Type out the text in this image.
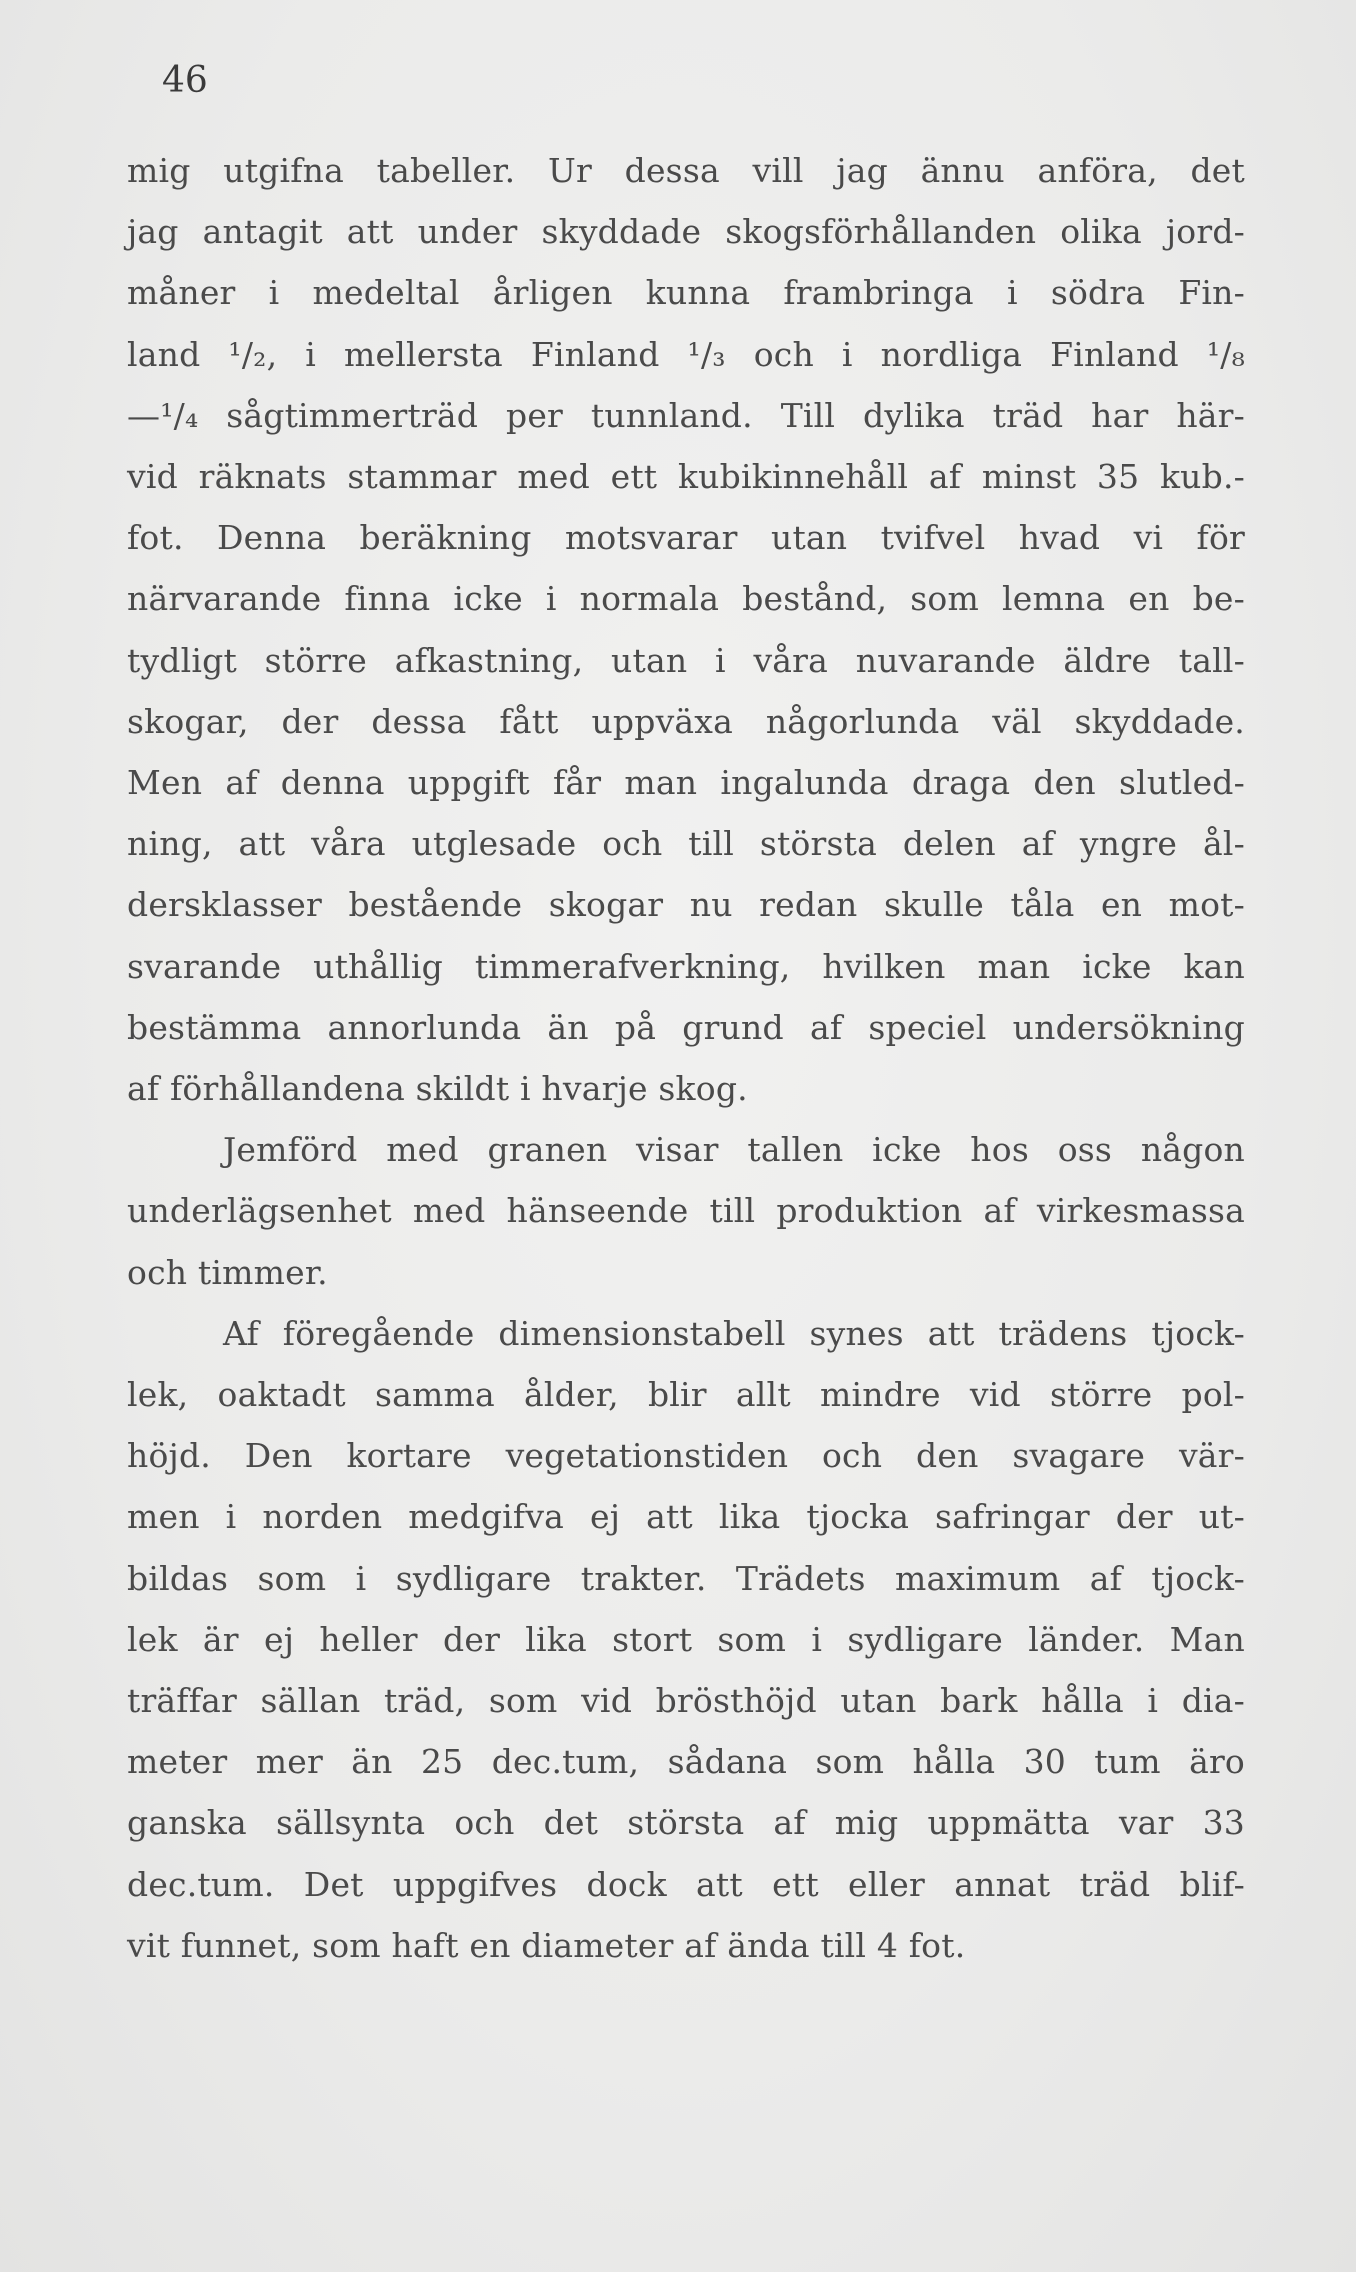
46

mig utgifna tabeller. Ur dessa vill jag ännu anföra, det
jag antagit att under skyddade skogsförhållanden olika jord-
måner i medeltal årligen kunna frambringa i södra Fin-
land ¹/₂, i mellersta Finland ¹/₃ och i nordliga Finland ¹/₈
—¹/₄ sågtimmerträd per tunnland. Till dylika träd har här-
vid räknats stammar med ett kubikinnehåll af minst 35 kub.-
fot. Denna beräkning motsvarar utan tvifvel hvad vi för
närvarande finna icke i normala bestånd, som lemna en be-
tydligt större afkastning, utan i våra nuvarande äldre tall-
skogar, der dessa fått uppväxa någorlunda väl skyddade.
Men af denna uppgift får man ingalunda draga den slutled-
ning, att våra utglesade och till största delen af yngre ål-
dersklasser bestående skogar nu redan skulle tåla en mot-
svarande uthållig timmerafverkning, hvilken man icke kan
bestämma annorlunda än på grund af speciel undersökning
af förhållandena skildt i hvarje skog.
Jemförd med granen visar tallen icke hos oss någon
underlägsenhet med hänseende till produktion af virkesmassa
och timmer.
Af föregående dimensionstabell synes att trädens tjock-
lek, oaktadt samma ålder, blir allt mindre vid större pol-
höjd. Den kortare vegetationstiden och den svagare vär-
men i norden medgifva ej att lika tjocka safringar der ut-
bildas som i sydligare trakter. Trädets maximum af tjock-
lek är ej heller der lika stort som i sydligare länder. Man
träffar sällan träd, som vid brösthöjd utan bark hålla i dia-
meter mer än 25 dec.tum, sådana som hålla 30 tum äro
ganska sällsynta och det största af mig uppmätta var 33
dec.tum. Det uppgifves dock att ett eller annat träd blif-
vit funnet, som haft en diameter af ända till 4 fot.
